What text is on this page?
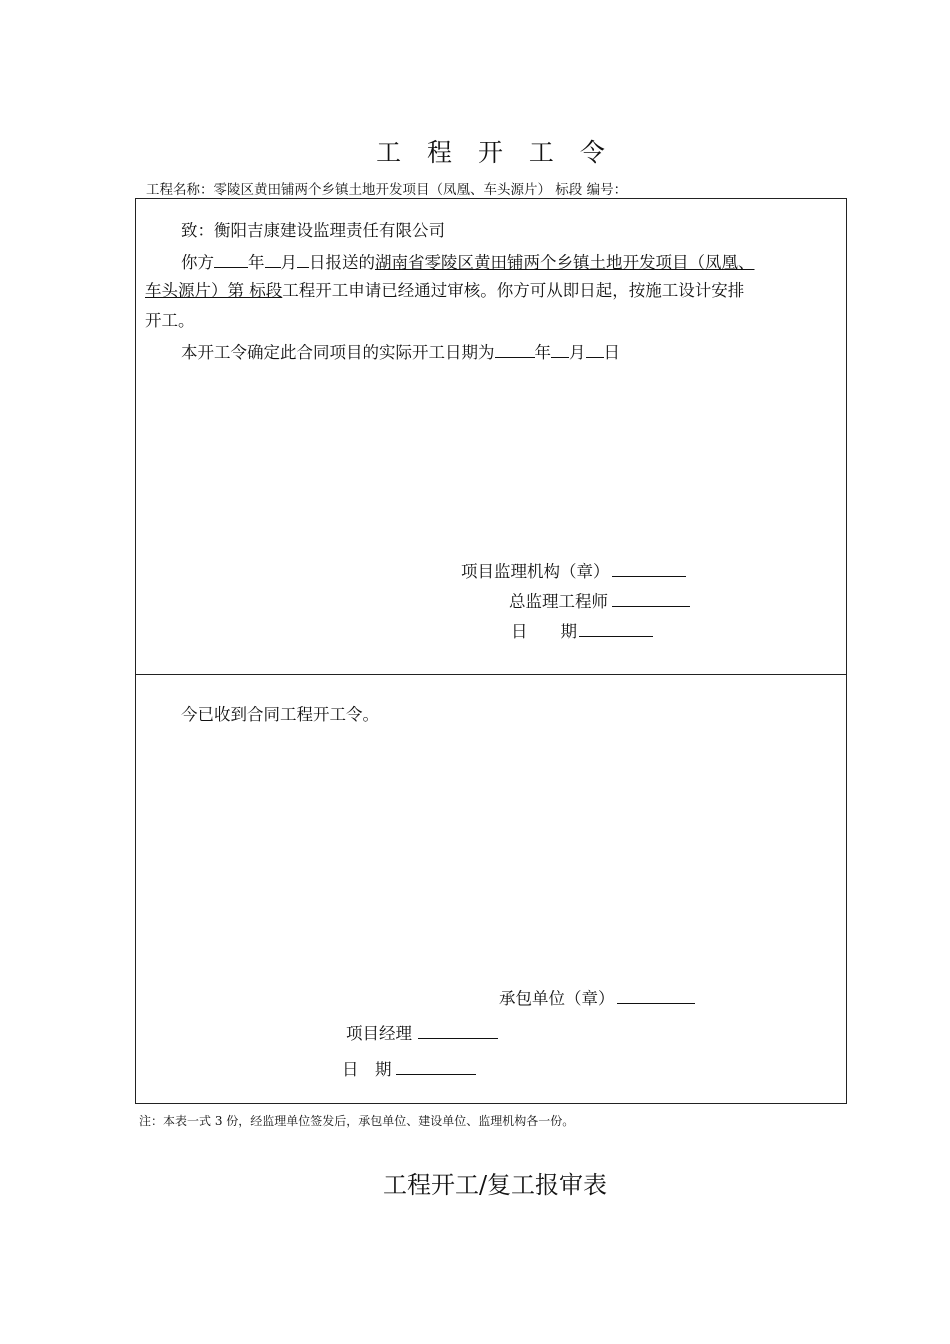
工 程 开 工 令
工程名称：零陵区黄田铺两个乡镇土地开发项目（凤凰、车头源片） 标段 编号：
致：衡阳吉康建设监理责任有限公司
你方 年 月 日报送的湖南省零陵区黄田铺两个乡镇土地开发项目（凤凰、
车头源片）第 标段工程开工申请已经通过审核。你方可从即日起，按施工设计安排
开工。
本开工令确定此合同项目的实际开工日期为 年 月 日
项目监理机构（章）
总监理工程师
日　　期
今已收到合同工程开工令。
承包单位（章）
项目经理
日　期
注：本表一式 3 份，经监理单位签发后，承包单位、建设单位、监理机构各一份。
工程开工/复工报审表
